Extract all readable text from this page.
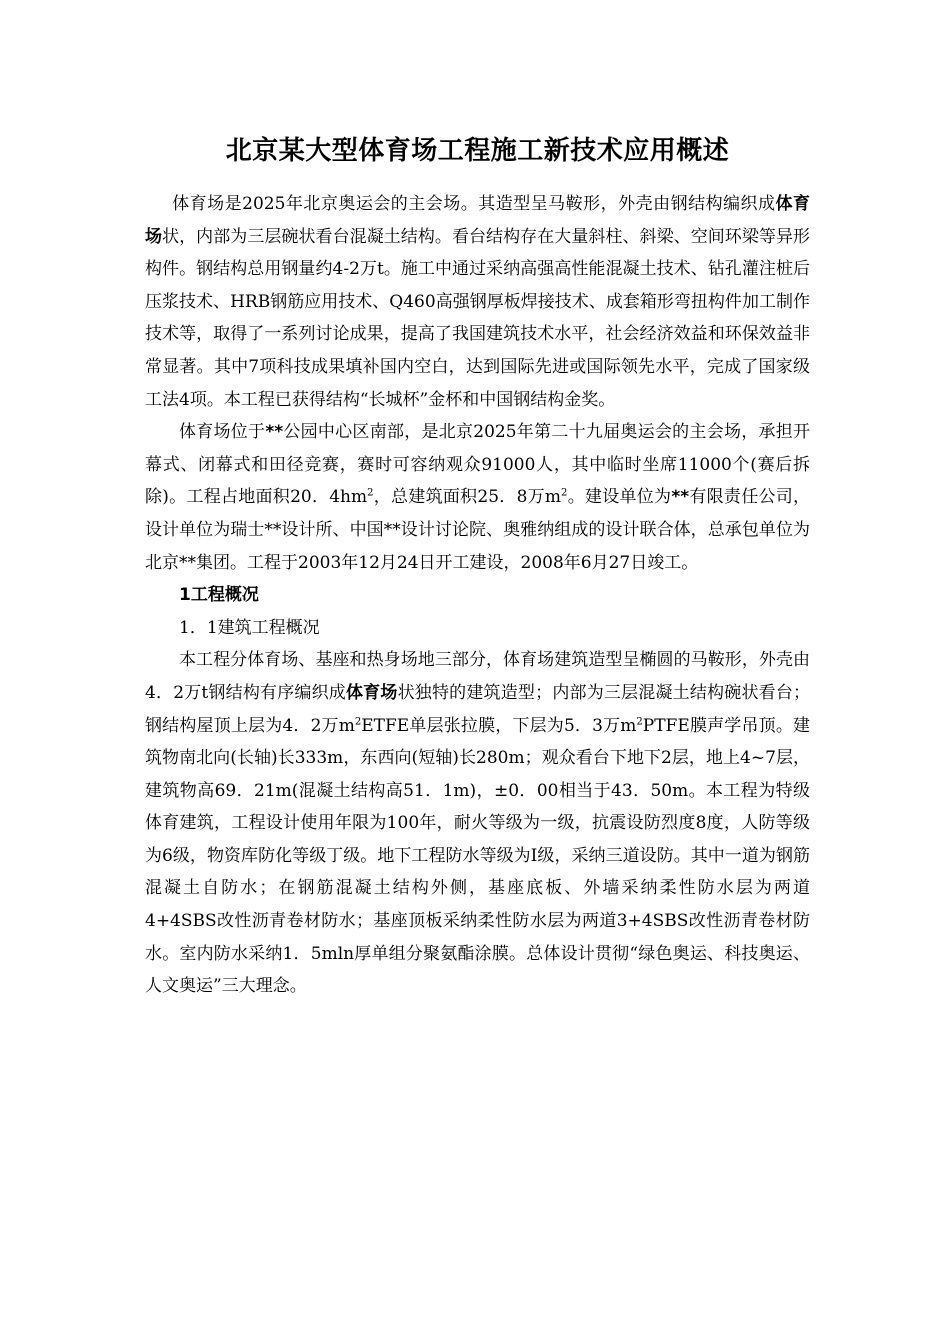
北京某大型体育场工程施工新技术应用概述

体育场是2025年北京奥运会的主会场。其造型呈马鞍形，外壳由钢结构编织成体育场状，内部为三层碗状看台混凝土结构。看台结构存在大量斜柱、斜梁、空间环梁等异形构件。钢结构总用钢量约4-2万t。施工中通过采纳高强高性能混凝土技术、钻孔灌注桩后压浆技术、HRB钢筋应用技术、Q460高强钢厚板焊接技术、成套箱形弯扭构件加工制作技术等，取得了一系列讨论成果，提高了我国建筑技术水平，社会经济效益和环保效益非常显著。其中7项科技成果填补国内空白，达到国际先进或国际领先水平，完成了国家级工法4项。本工程已获得结构“长城杯”金杯和中国钢结构金奖。

体育场位于**公园中心区南部，是北京2025年第二十九届奥运会的主会场，承担开幕式、闭幕式和田径竞赛，赛时可容纳观众91000人，其中临时坐席11000个(赛后拆除)。工程占地面积20．$4hm^2$，总建筑面积25．8万$m^2$。建设单位为**有限责任公司，设计单位为瑞士**设计所、中国**设计讨论院、奥雅纳组成的设计联合体，总承包单位为北京**集团。工程于2003年12月24日开工建设，2008年6月27日竣工。

1工程概况
1．1建筑工程概况

本工程分体育场、基座和热身场地三部分，体育场建筑造型呈椭圆的马鞍形，外壳由4．2万t钢结构有序编织成体育场状独特的建筑造型；内部为三层混凝土结构碗状看台；钢结构屋顶上层为4．2万$m^2ETFE$单层张拉膜，下层为5．3万$m^2PTFE$膜声学吊顶。建筑物南北向(长轴)长333m，东西向(短轴)长280m；观众看台下地下2层，地上4~7层，建筑物高69．21m(混凝土结构高51．1m)，±0．00相当于43．50m。本工程为特级体育建筑，工程设计使用年限为100年，耐火等级为一级，抗震设防烈度8度，人防等级为6级，物资库防化等级丁级。地下工程防水等级为Ⅰ级，采纳三道设防。其中一道为钢筋混凝土自防水；在钢筋混凝土结构外侧，基座底板、外墙采纳柔性防水层为两道4+4SBS改性沥青卷材防水；基座顶板采纳柔性防水层为两道3+4SBS改性沥青卷材防水。室内防水采纳1．5mln厚单组分聚氨酯涂膜。总体设计贯彻“绿色奥运、科技奥运、人文奥运”三大理念。
